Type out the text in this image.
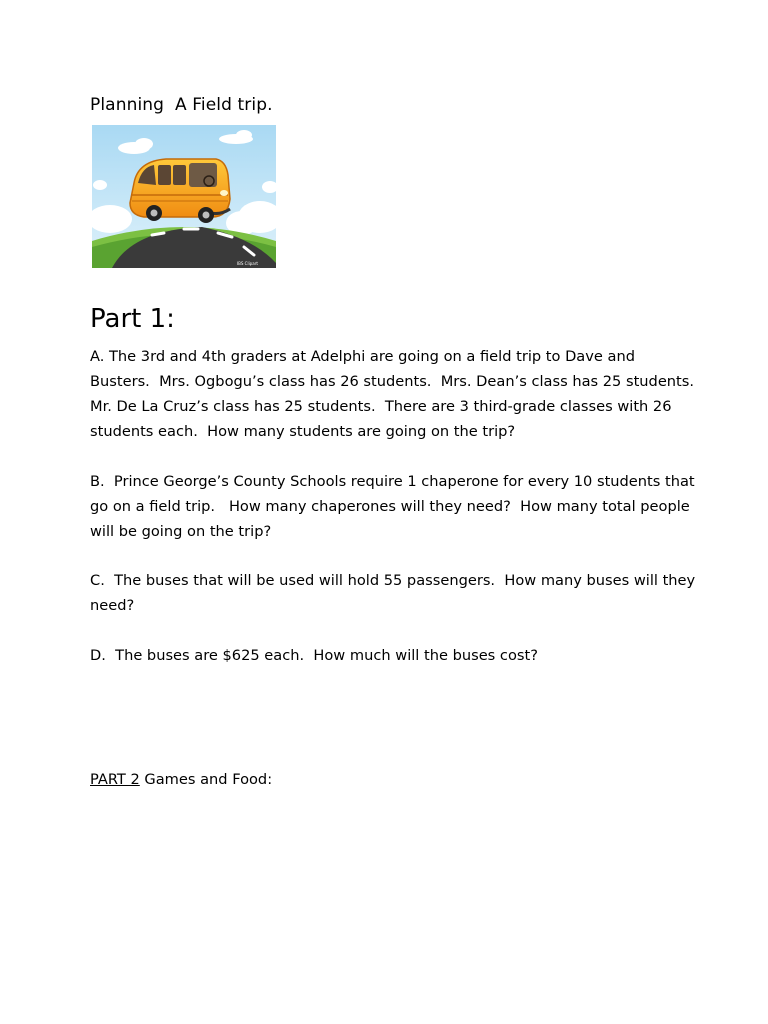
Planning  A Field trip.
IBS Clipart
Part 1:
A. The 3rd and 4th graders at Adelphi are going on a field trip to Dave and
Busters.  Mrs. Ogbogu’s class has 26 students.  Mrs. Dean’s class has 25 students.
Mr. De La Cruz’s class has 25 students.  There are 3 third-grade classes with 26
students each.  How many students are going on the trip?
B.  Prince George’s County Schools require 1 chaperone for every 10 students that
go on a field trip.   How many chaperones will they need?  How many total people
will be going on the trip?
C.  The buses that will be used will hold 55 passengers.  How many buses will they
need?
D.  The buses are $625 each.  How much will the buses cost?
PART 2 Games and Food:
